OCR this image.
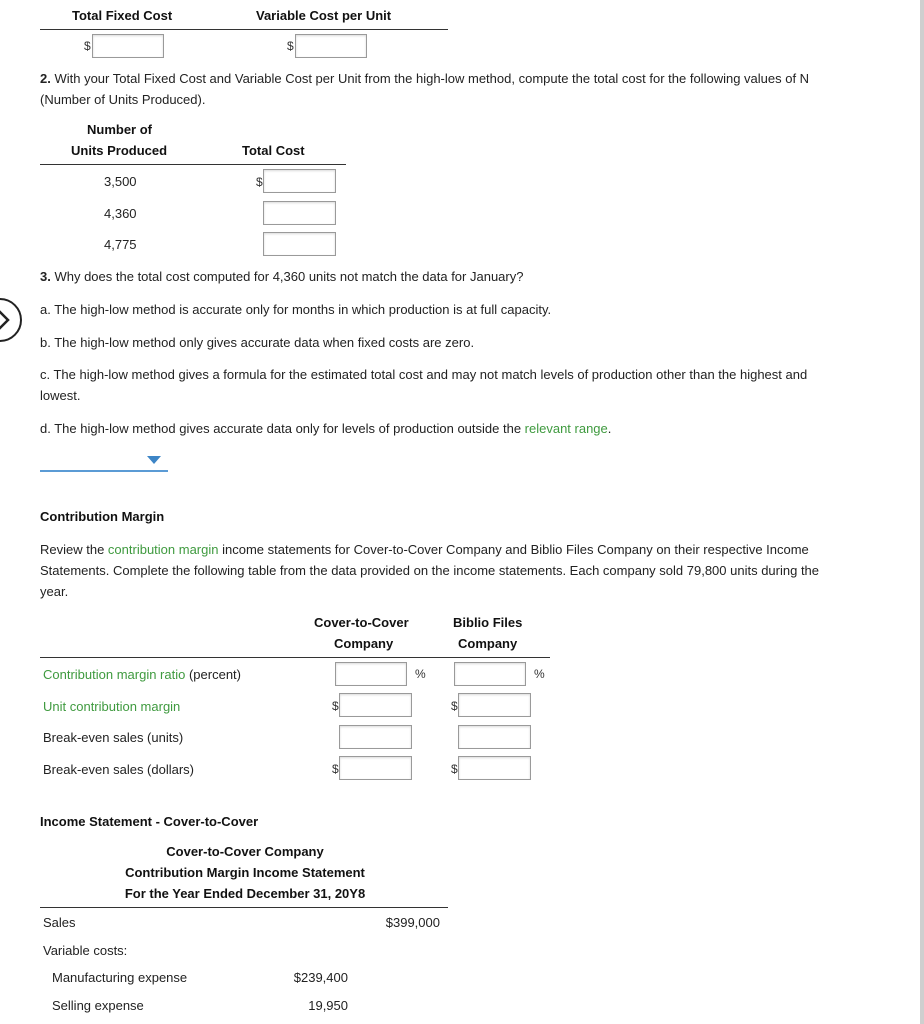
Total Fixed Cost	Variable Cost per Unit
$	$
2. With your Total Fixed Cost and Variable Cost per Unit from the high-low method, compute the total cost for the following values of N
(Number of Units Produced).
Number of
Units Produced	Total Cost
3,500	$
4,360
4,775
3. Why does the total cost computed for 4,360 units not match the data for January?
a. The high-low method is accurate only for months in which production is at full capacity.
b. The high-low method only gives accurate data when fixed costs are zero.
c. The high-low method gives a formula for the estimated total cost and may not match levels of production other than the highest and
lowest.
d. The high-low method gives accurate data only for levels of production outside the relevant range.
Contribution Margin
Review the contribution margin income statements for Cover-to-Cover Company and Biblio Files Company on their respective Income
Statements. Complete the following table from the data provided on the income statements. Each company sold 79,800 units during the
year.
Cover-to-Cover
Company
Biblio Files
Company
Contribution margin ratio (percent)	%	%
Unit contribution margin	$	$
Break-even sales (units)
Break-even sales (dollars)	$	$
Income Statement - Cover-to-Cover
Cover-to-Cover Company
Contribution Margin Income Statement
For the Year Ended December 31, 20Y8
Sales	$399,000
Variable costs:
Manufacturing expense	$239,400
Selling expense	19,950
